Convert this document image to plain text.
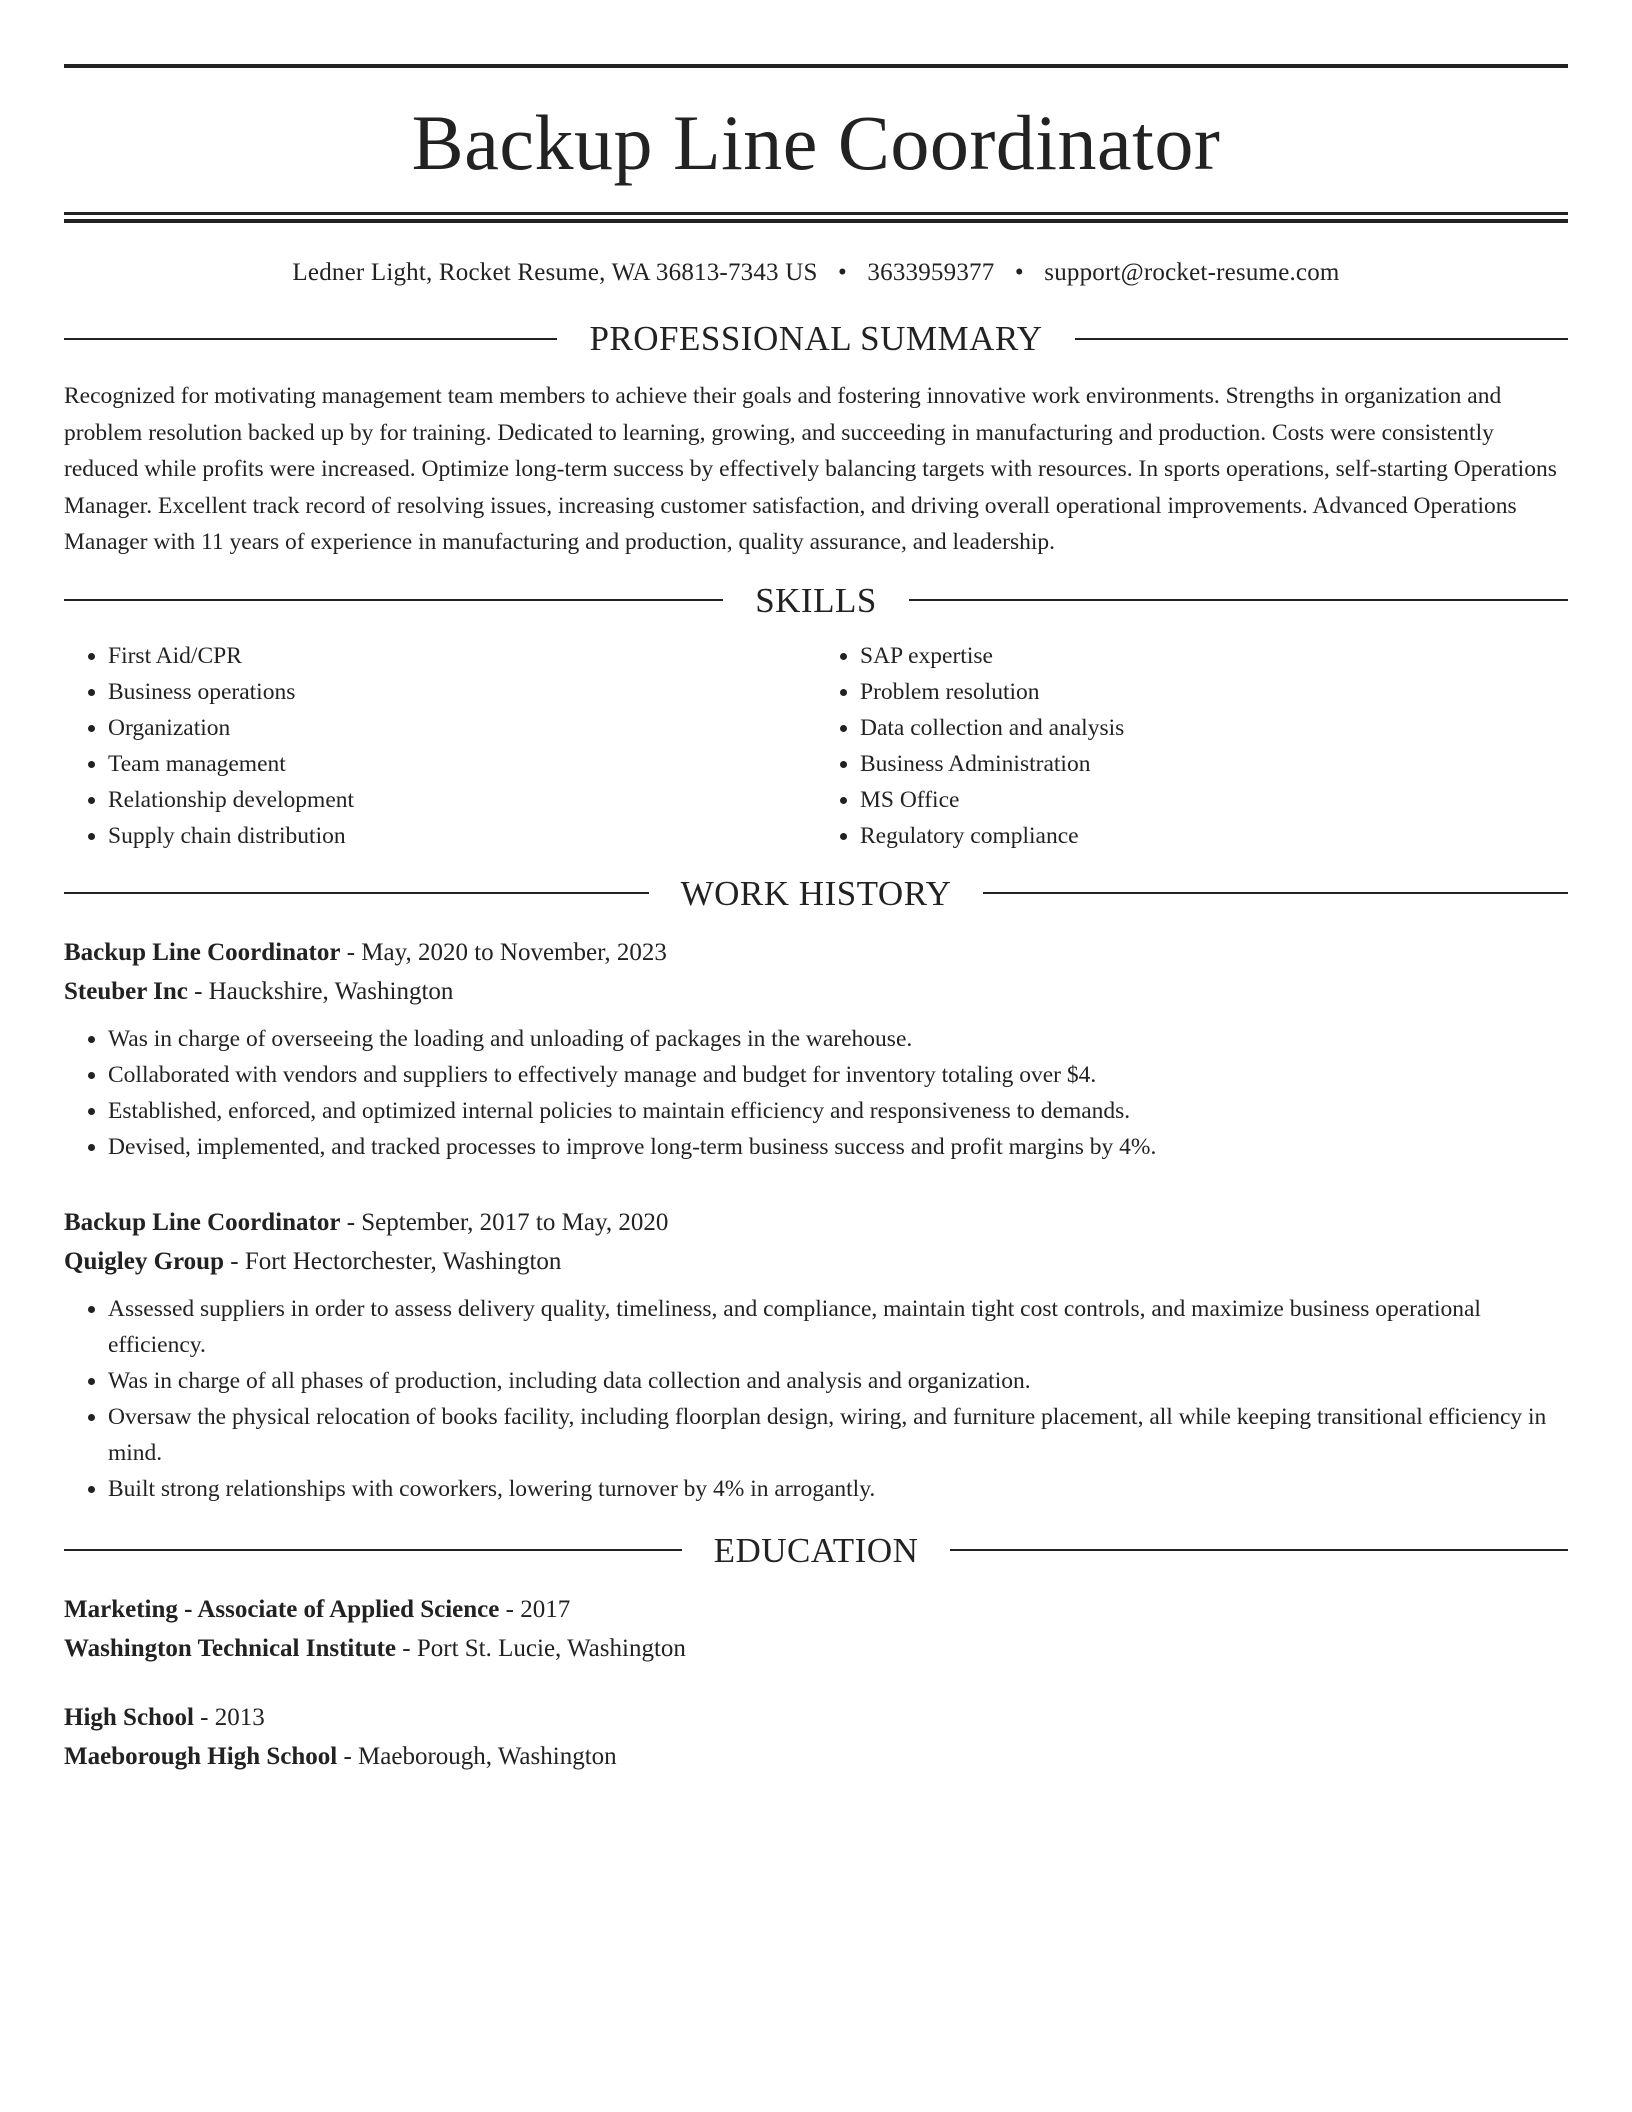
Backup Line Coordinator
Ledner Light, Rocket Resume, WA 36813-7343 US • 3633959377 • support@rocket-resume.com
PROFESSIONAL SUMMARY
Recognized for motivating management team members to achieve their goals and fostering innovative work environments. Strengths in organization and problem resolution backed up by for training. Dedicated to learning, growing, and succeeding in manufacturing and production. Costs were consistently reduced while profits were increased. Optimize long-term success by effectively balancing targets with resources. In sports operations, self-starting Operations Manager. Excellent track record of resolving issues, increasing customer satisfaction, and driving overall operational improvements. Advanced Operations Manager with 11 years of experience in manufacturing and production, quality assurance, and leadership.
SKILLS
• First Aid/CPR
• Business operations
• Organization
• Team management
• Relationship development
• Supply chain distribution
• SAP expertise
• Problem resolution
• Data collection and analysis
• Business Administration
• MS Office
• Regulatory compliance
WORK HISTORY
Backup Line Coordinator - May, 2020 to November, 2023
Steuber Inc - Hauckshire, Washington
• Was in charge of overseeing the loading and unloading of packages in the warehouse.
• Collaborated with vendors and suppliers to effectively manage and budget for inventory totaling over $4.
• Established, enforced, and optimized internal policies to maintain efficiency and responsiveness to demands.
• Devised, implemented, and tracked processes to improve long-term business success and profit margins by 4%.
Backup Line Coordinator - September, 2017 to May, 2020
Quigley Group - Fort Hectorchester, Washington
• Assessed suppliers in order to assess delivery quality, timeliness, and compliance, maintain tight cost controls, and maximize business operational efficiency.
• Was in charge of all phases of production, including data collection and analysis and organization.
• Oversaw the physical relocation of books facility, including floorplan design, wiring, and furniture placement, all while keeping transitional efficiency in mind.
• Built strong relationships with coworkers, lowering turnover by 4% in arrogantly.
EDUCATION
Marketing - Associate of Applied Science - 2017
Washington Technical Institute - Port St. Lucie, Washington
High School - 2013
Maeborough High School - Maeborough, Washington
